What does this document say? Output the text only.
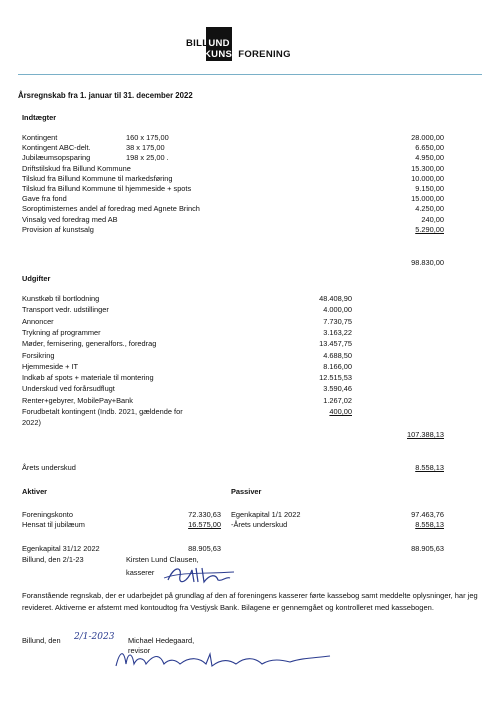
BILLUND
KUNSTFORENING
Årsregnskab fra 1. januar til 31. december 2022
Indtægter
Kontingent	160 x 175,00	28.000,00
Kontingent ABC-delt.	38 x 175,00	6.650,00
Jubilæumsopsparing	198 x 25,00 .	4.950,00
Driftstilskud fra Billund Kommune	15.300,00
Tilskud fra Billund Kommune til markedsføring	10.000,00
Tilskud fra Billund Kommune til hjemmeside + spots	9.150,00
Gave fra fond	15.000,00
Soroptimisternes andel af foredrag med Agnete Brinch	4.250,00
Vinsalg ved foredrag med AB	240,00
Provision af kunstsalg	5.290,00
98.830,00
Udgifter
Kunstkøb til bortlodning	48.408,90
Transport vedr. udstillinger	4.000,00
Annoncer	7.730,75
Trykning af programmer	3.163,22
Møder, fernisering, generalfors., foredrag	13.457,75
Forsikring	4.688,50
Hjemmeside + IT	8.166,00
Indkøb af spots + materiale til montering	12.515,53
Underskud ved forårsudflugt	3.590,46
Renter+gebyrer, MobilePay+Bank	1.267,02
Forudbetalt kontingent (Indb. 2021, gældende for	400,00
2022)
107.388,13
Årets underskud	8.558,13
Aktiver	Passiver
Foreningskonto	72.330,63
Hensat til jubilæum	16.575,00
Egenkapital 1/1 2022	97.463,76
-Årets underskud	8.558,13
Egenkapital 31/12 2022	88.905,63	88.905,63
Billund, den 2/1-23	Kirsten Lund Clausen,
kasserer
Foranstående regnskab, der er udarbejdet på grundlag af den af foreningens kasserer førte kassebog samt meddelte oplysninger, har jeg revideret. Aktiverne er afstemt med kontoudtog fra Vestjysk Bank. Bilagene er gennemgået og kontrolleret med kassebogen.
Billund, den 2/1-2023 Michael Hedegaard,
revisor
